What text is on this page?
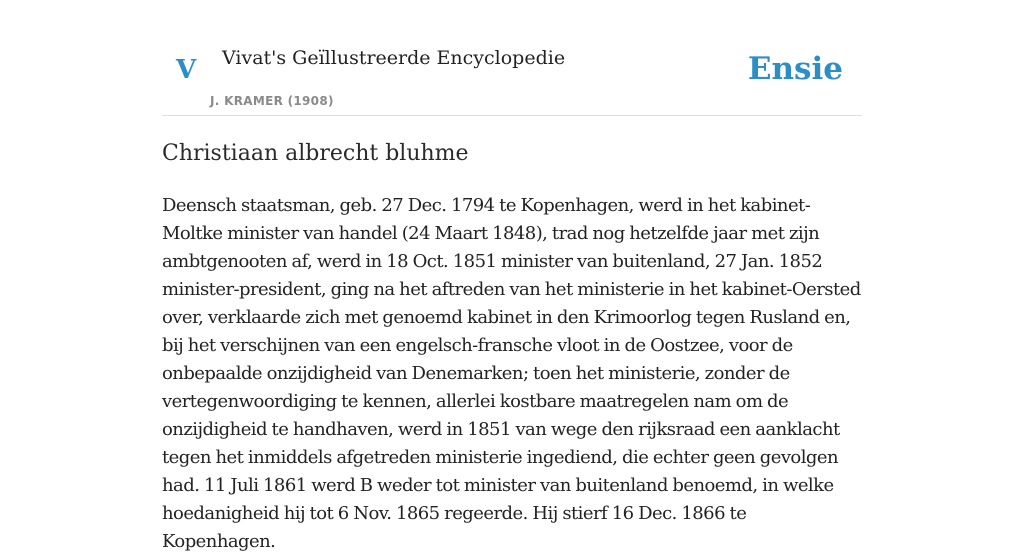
V Vivat's Geïllustreerde Encyclopedie
J. KRAMER (1908)
Ensie
Christiaan albrecht bluhme

Deensch staatsman, geb. 27 Dec. 1794 te Kopenhagen, werd in het kabinet-Moltke minister van handel (24 Maart 1848), trad nog hetzelfde jaar met zijn ambtgenooten af, werd in 18 Oct. 1851 minister van buitenland, 27 Jan. 1852 minister-president, ging na het aftreden van het ministerie in het kabinet-Oersted over, verklaarde zich met genoemd kabinet in den Krimoorlog tegen Rusland en, bij het verschijnen van een engelsch-fransche vloot in de Oostzee, voor de onbepaalde onzijdigheid van Denemarken; toen het ministerie, zonder de vertegenwoordiging te kennen, allerlei kostbare maatregelen nam om de onzijdigheid te handhaven, werd in 1851 van wege den rijksraad een aanklacht tegen het inmiddels afgetreden ministerie ingediend, die echter geen gevolgen had. 11 Juli 1861 werd B weder tot minister van buitenland benoemd, in welke hoedanigheid hij tot 6 Nov. 1865 regeerde. Hij stierf 16 Dec. 1866 te Kopenhagen.
